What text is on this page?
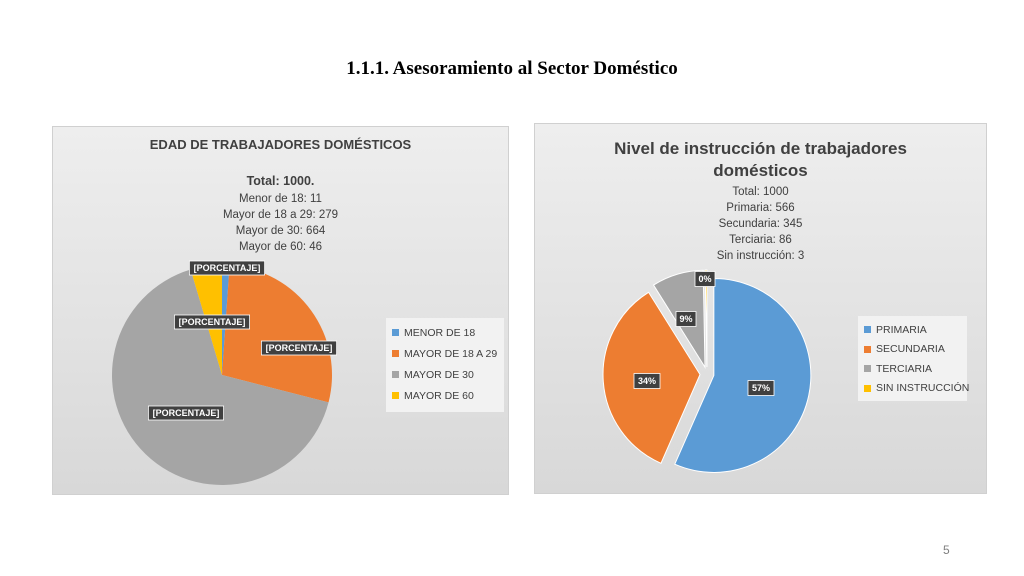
1.1.1. Asesoramiento al Sector Doméstico
EDAD DE TRABAJADORES DOMÉSTICOS
Total: 1000.
Menor de 18: 11
Mayor de 18 a 29: 279
Mayor de 30: 664
Mayor de 60: 46
[PORCENTAJE]
[PORCENTAJE]
[PORCENTAJE]
[PORCENTAJE]
MENOR DE 18
MAYOR DE 18 A 29
MAYOR DE 30
MAYOR DE 60
Nivel de instrucción de trabajadores domésticos
Total: 1000
Primaria: 566
Secundaria: 345
Terciaria: 86
Sin instrucción: 3
57%
34%
9%
0%
PRIMARIA
SECUNDARIA
TERCIARIA
SIN INSTRUCCIÓN
5
